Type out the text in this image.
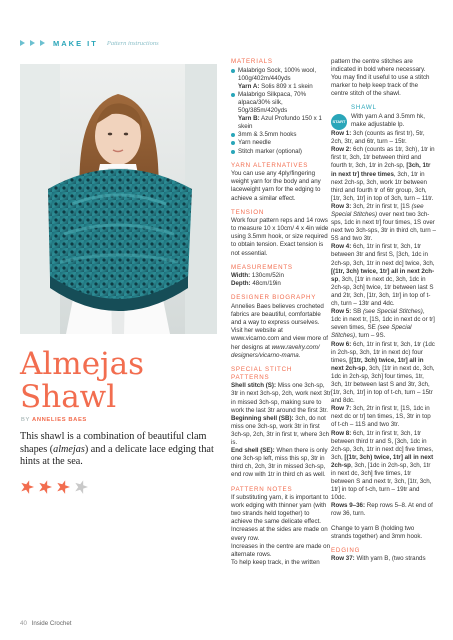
MAKE IT Pattern instructions
Almejas
Shawl
BY ANNELIES BAES
This shawl is a combination of beautiful clam shapes (almejas) and a delicate lace edging that hints at the sea.
MATERIALS
Malabrigo Sock, 100% wool, 100g/402m/440yds
Yarn A: Solis 809 x 1 skein
Malabrigo Silkpaca, 70% alpaca/30% silk, 50g/385m/420yds
Yarn B: Azul Profundo 150 x 1 skein
3mm & 3.5mm hooks
Yarn needle
Stitch marker (optional)
YARN ALTERNATIVES

You can use any 4ply/fingering weight yarn for the body and any laceweight yarn for the edging to achieve a similar effect.

TENSION

Work four pattern reps and 14 rows to measure 10 x 10cm/ 4 x 4in wide using 3.5mm hook, or size required to obtain tension. Exact tension is not essential.

MEASUREMENTS

Width: 130cm/52in

Depth: 48cm/19in

DESIGNER BIOGRAPHY

Annelies Baes believes crocheted fabrics are beautiful, comfortable and a way to express ourselves. Visit her website at www.vicarno.com and view more of her designs at www.ravelry.com/ designers/vicarno-mama.

SPECIAL STITCH PATTERNS

Shell stitch (S): Miss one 3ch-sp, 3tr in next 3ch-sp, 2ch, work next 3tr in missed 3ch-sp, making sure to work the last 3tr around the first 3tr.

Beginning shell (SB): 3ch, do not miss one 3ch-sp, work 3tr in first 3ch-sp, 2ch, 3tr in first tr, where 3ch is.

End shell (SE): When there is only one 3ch-sp left, miss this sp, 3tr in third ch, 2ch, 3tr in missed 3ch-sp, end row with 1tr in third ch as well.

PATTERN NOTES

If substituting yarn, it is important to work edging with thinner yarn (with two strands held together) to achieve the same delicate effect.

Increases at the sides are made on every row.

Increases in the centre are made on alternate rows.

To help keep track, in the written

pattern the centre stitches are indicated in bold where necessary. You may find it useful to use a stitch marker to help keep track of the centre stitch of the shawl.

SHAWL
START

With yarn A and 3.5mm hk, make adjustable lp.

Row 1: 3ch (counts as first tr), 5tr, 2ch, 3tr, and 6tr, turn – 15tr.

Row 2: 6ch (counts as 1tr, 3ch), 1tr in first tr, 3ch, 1tr between third and fourth tr, 3ch, 1tr in 2ch-sp, [3ch, 1tr in next tr] three times, 3ch, 1tr in next 2ch-sp, 3ch, work 1tr between third and fourth tr of 6tr group, 3ch, [1tr, 3ch, 1tr] in top of 3ch, turn – 11tr.

Row 3: 3ch, 2tr in first tr, [1S (see Special Stitches) over next two 3ch-sps, 1dc in next tr] four times, 1S over next two 3ch-sps, 3tr in third ch, turn – 5S and two 3tr.

Row 4: 6ch, 1tr in first tr, 3ch, 1tr between 3tr and first S, [3ch, 1dc in 2ch-sp, 3ch, 1tr in next dc] twice, 3ch, [(1tr, 3ch) twice, 1tr] all in next 2ch-sp, 3ch, [1tr in next dc, 3ch, 1dc in 2ch-sp, 3ch] twice, 1tr between last S and 2tr, 3ch, [1tr, 3ch, 1tr] in top of t-ch, turn – 13tr and 4dc.

Row 5: SB (see Special Stitches), 1dc in next tr, [1S, 1dc in next dc or tr] seven times, SE (see Special Stitches), turn – 9S.

Row 6: 6ch, 1tr in first tr, 3ch, 1tr (1dc in 2ch-sp, 3ch, 1tr in next dc) four times, [(1tr, 3ch) twice, 1tr] all in next 2ch-sp, 3ch, [1tr in next dc, 3ch, 1dc in 2ch-sp, 3ch] four times, 1tr, 3ch, 1tr between last S and 3tr, 3ch, [1tr, 3ch, 1tr] in top of t-ch, turn – 15tr and 8dc.

Row 7: 3ch, 2tr in first tr, [1S, 1dc in next dc or tr] ten times, 1S, 3tr in top of t-ch – 11S and two 3tr.

Row 8: 6ch, 1tr in first tr, 3ch, 1tr between third tr and S, [3ch, 1dc in 2ch-sp, 3ch, 1tr in next dc] five times, 3ch, [(1tr, 3ch) twice, 1tr] all in next 2ch-sp, 3ch, [1dc in 2ch-sp, 3ch, 1tr in next dc, 3ch] five times, 1tr between S and next tr, 3ch, [1tr, 3ch, 1tr] in top of t-ch, turn – 19tr and 10dc.

Rows 9–36: Rep rows 5–8. At end of row 36, turn.

Change to yarn B (holding two strands together) and 3mm hook.

EDGING

Row 37: With yarn B, (two strands

40 Inside Crochet
